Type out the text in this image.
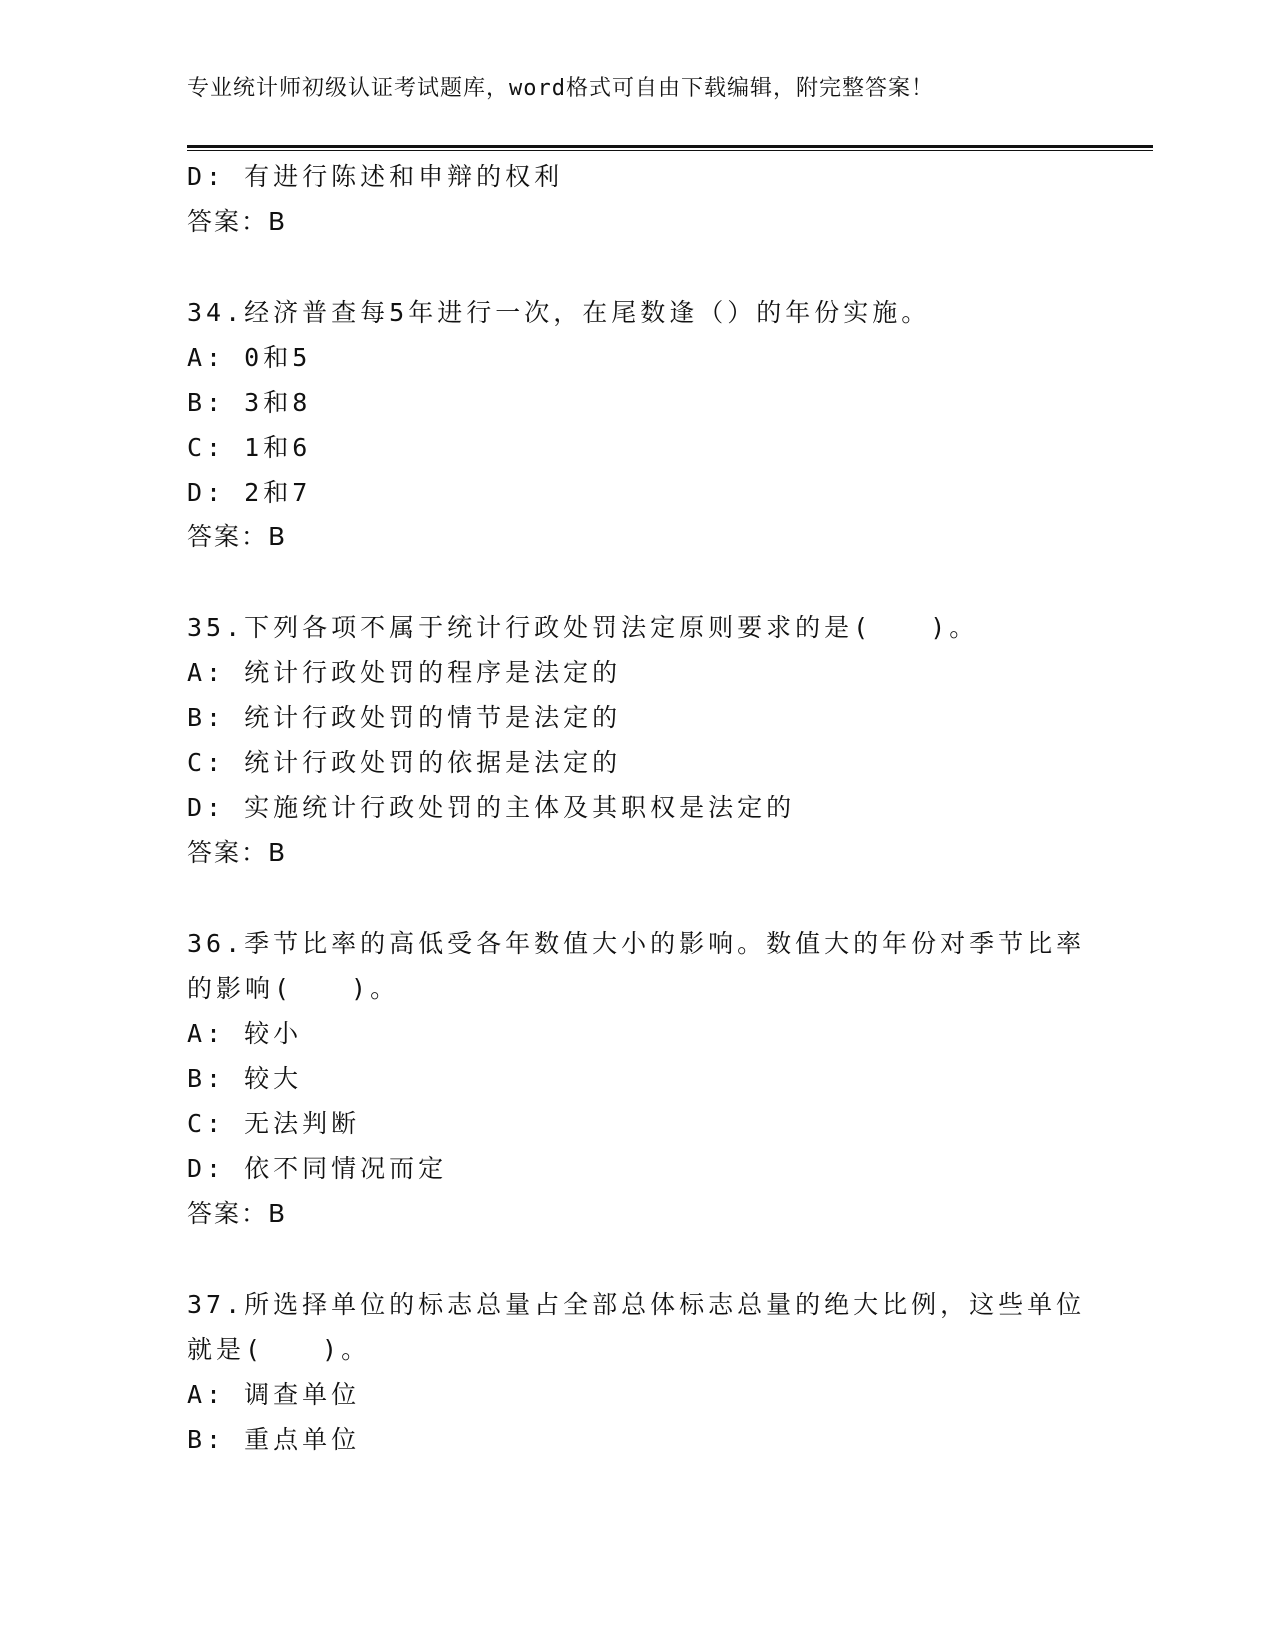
专业统计师初级认证考试题库，word格式可自由下载编辑，附完整答案！
D: 有进行陈述和申辩的权利
答案：B
34.经济普查每5年进行一次，在尾数逢（）的年份实施。
A: 0和5
B: 3和8
C: 1和6
D: 2和7
答案：B
35.下列各项不属于统计行政处罚法定原则要求的是(　　)。
A: 统计行政处罚的程序是法定的
B: 统计行政处罚的情节是法定的
C: 统计行政处罚的依据是法定的
D: 实施统计行政处罚的主体及其职权是法定的
答案：B
36.季节比率的高低受各年数值大小的影响。数值大的年份对季节比率
的影响(　　)。
A: 较小
B: 较大
C: 无法判断
D: 依不同情况而定
答案：B
37.所选择单位的标志总量占全部总体标志总量的绝大比例，这些单位
就是(　　)。
A: 调查单位
B: 重点单位
